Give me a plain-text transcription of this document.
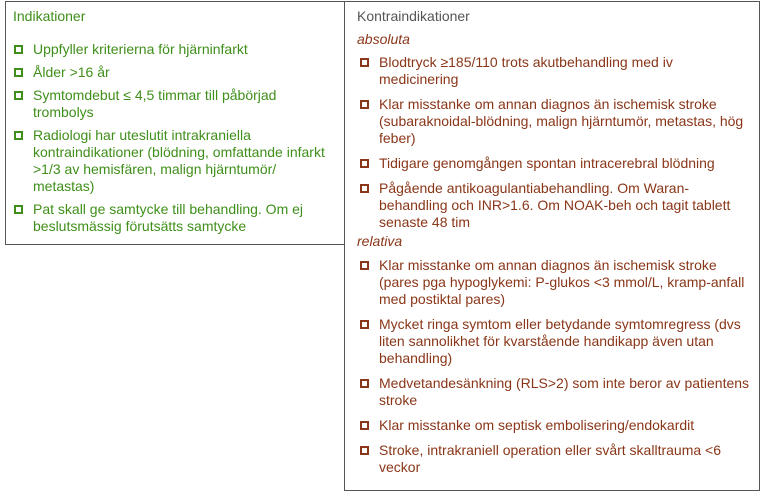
Indikationer
Uppfyller kriterierna för hjärninfarkt
Ålder >16 år
Symtomdebut ≤ 4,5 timmar till påbörjad trombolys
Radiologi har uteslutit intrakraniella kontraindikationer (blödning, omfattande infarkt >1/3 av hemisfären, malign hjärntumör/ metastas)
Pat skall ge samtycke till behandling. Om ej beslutsmässig förutsätts samtycke
Kontraindikationer
absoluta
Blodtryck ≥185/110 trots akutbehandling med iv medicinering
Klar misstanke om annan diagnos än ischemisk stroke (subaraknoidal-blödning, malign hjärntumör, metastas, hög feber)
Tidigare genomgången spontan intracerebral blödning
Pågående antikoagulantiabehandling. Om Waran-behandling och INR>1.6. Om NOAK-beh och tagit tablett senaste 48 tim
relativa
Klar misstanke om annan diagnos än ischemisk stroke (pares pga hypoglykemi: P-glukos <3 mmol/L, kramp-anfall med postiktal pares)
Mycket ringa symtom eller betydande symtomregress (dvs liten sannolikhet för kvarstående handikapp även utan behandling)
Medvetandesänkning (RLS>2) som inte beror av patientens stroke
Klar misstanke om septisk embolisering/endokardit
Stroke, intrakraniell operation eller svårt skalltrauma <6 veckor
